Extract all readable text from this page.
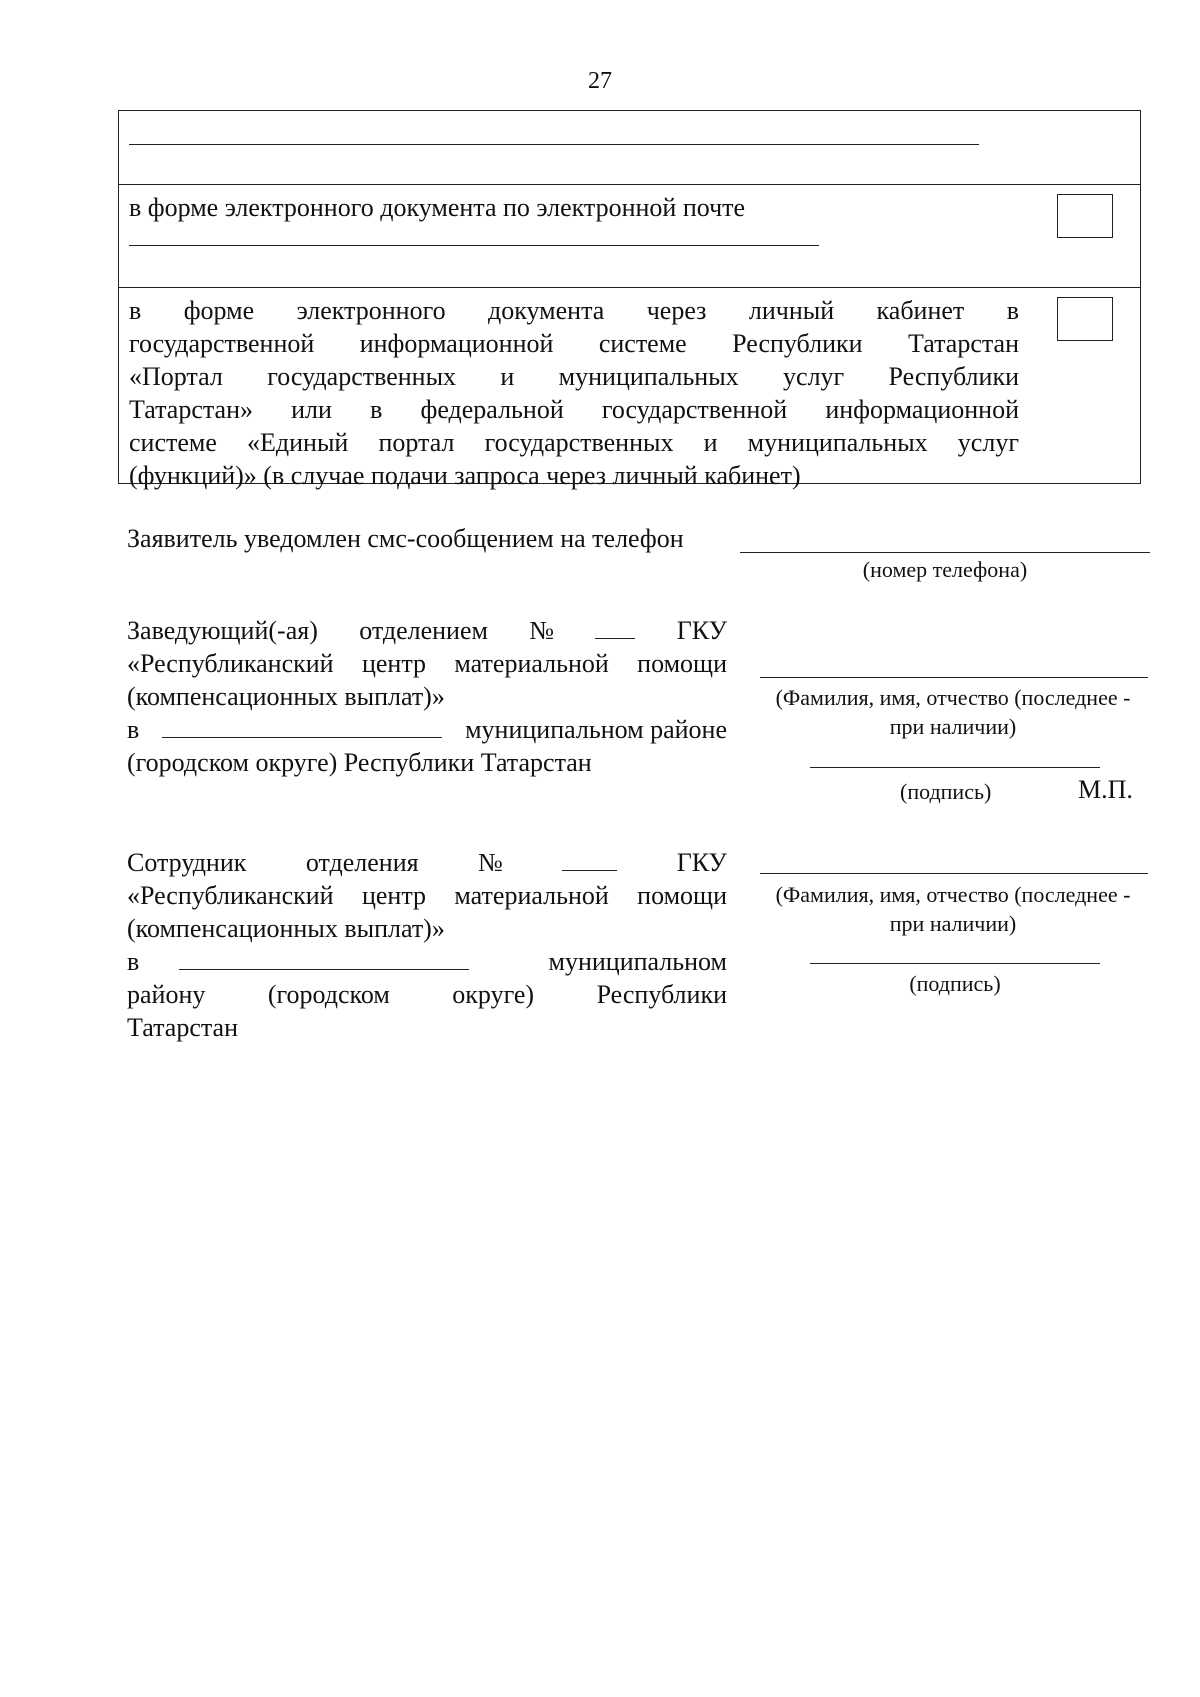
27
в форме электронного документа по электронной почте
в форме электронного документа через личный кабинет в
государственной информационной системе Республики Татарстан
«Портал государственных и муниципальных услуг Республики
Татарстан» или в федеральной государственной информационной
системе «Единый портал государственных и муниципальных услуг
(функций)» (в случае подачи запроса через личный кабинет)
Заявитель уведомлен смс-сообщением на телефон
(номер телефона)
Заведующий(-ая) отделением №	ГКУ
«Республиканский центр материальной помощи
(компенсационных выплат)»
в	муниципальном районе
(городском округе) Республики Татарстан
(Фамилия, имя, отчество (последнее -
при наличии)
(подпись)	М.П.
Сотрудник отделения №	ГКУ
«Республиканский центр материальной помощи
(компенсационных выплат)»
в	муниципальном
району (городском округе) Республики
Татарстан
(Фамилия, имя, отчество (последнее -
при наличии)
(подпись)
